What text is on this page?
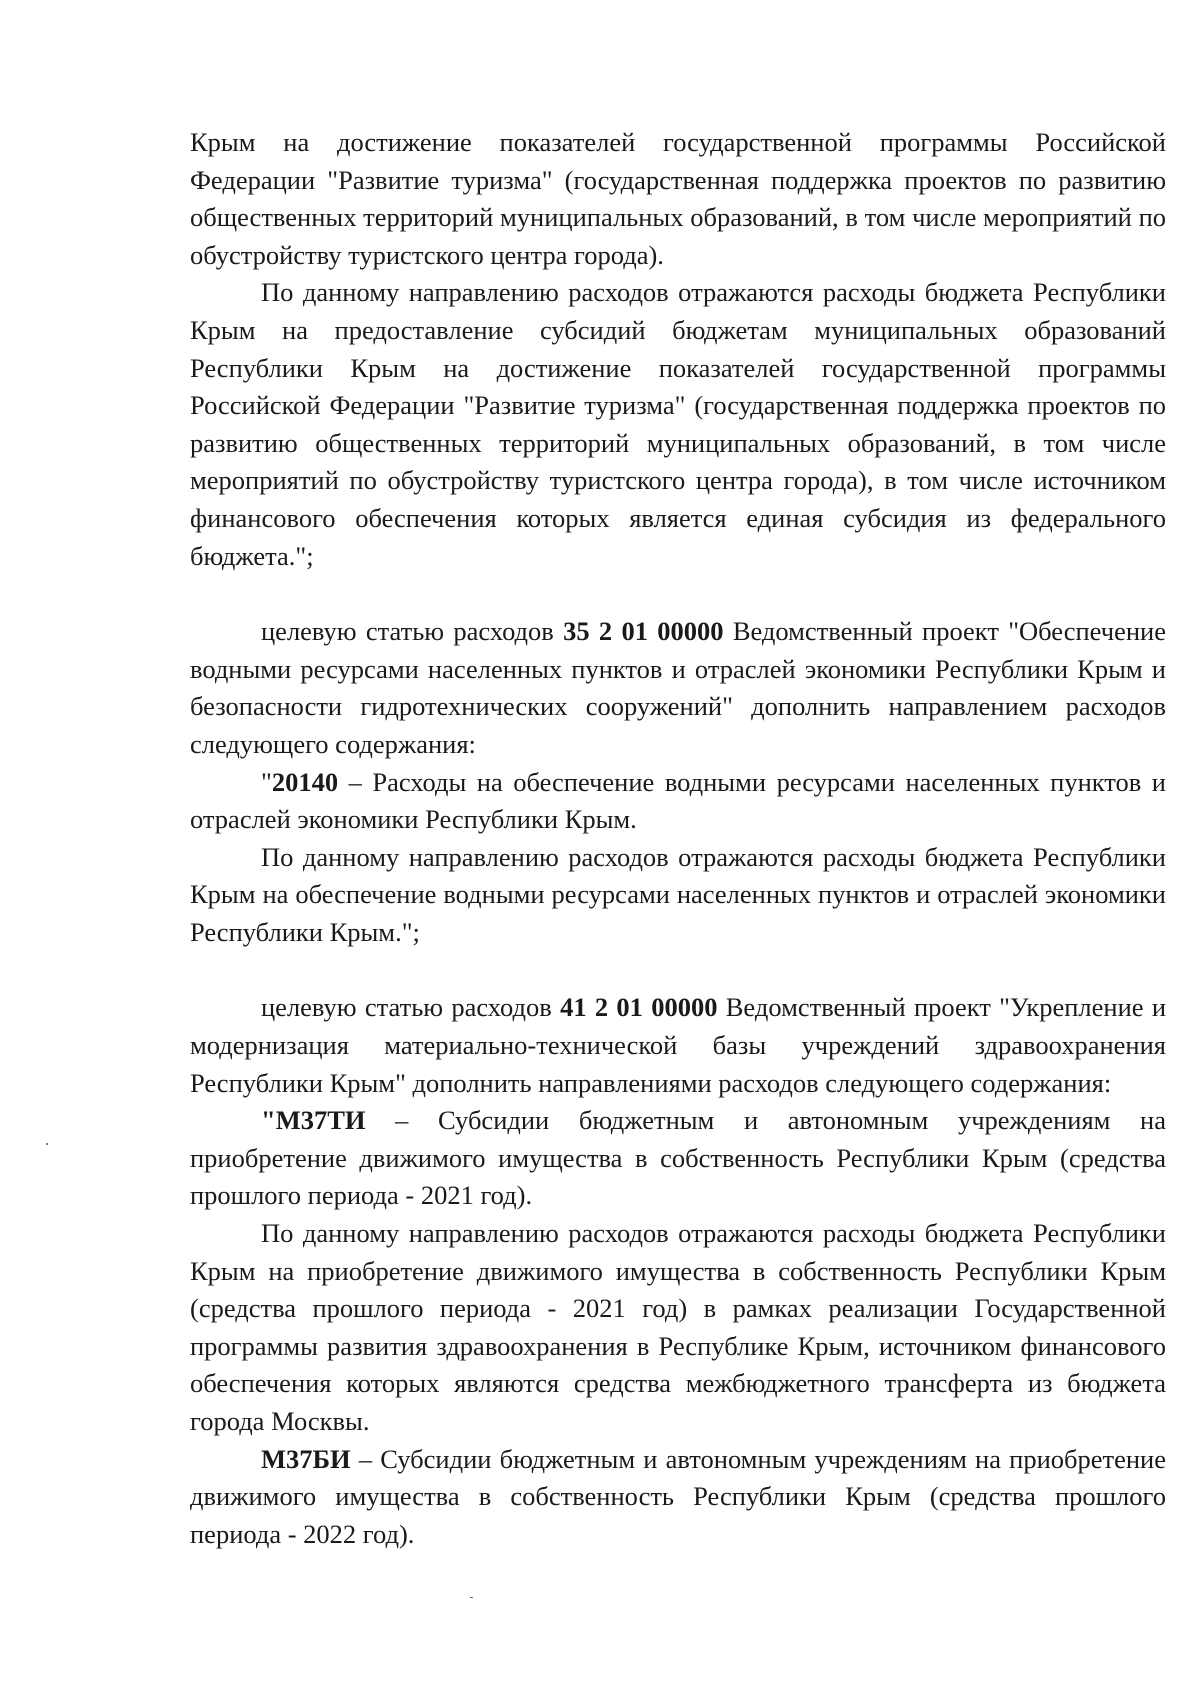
Крым на достижение показателей государственной программы Российской Федерации "Развитие туризма" (государственная поддержка проектов по развитию общественных территорий муниципальных образований, в том числе мероприятий по обустройству туристского центра города).

По данному направлению расходов отражаются расходы бюджета Республики Крым на предоставление субсидий бюджетам муниципальных образований Республики Крым на достижение показателей государственной программы Российской Федерации "Развитие туризма" (государственная поддержка проектов по развитию общественных территорий муниципальных образований, в том числе мероприятий по обустройству туристского центра города), в том числе источником финансового обеспечения которых является единая субсидия из федерального бюджета.";

целевую статью расходов 35 2 01 00000 Ведомственный проект "Обеспечение водными ресурсами населенных пунктов и отраслей экономики Республики Крым и безопасности гидротехнических сооружений" дополнить направлением расходов следующего содержания:

"20140 – Расходы на обеспечение водными ресурсами населенных пунктов и отраслей экономики Республики Крым.

По данному направлению расходов отражаются расходы бюджета Республики Крым на обеспечение водными ресурсами населенных пунктов и отраслей экономики Республики Крым.";

целевую статью расходов 41 2 01 00000 Ведомственный проект "Укрепление и модернизация материально-технической базы учреждений здравоохранения Республики Крым" дополнить направлениями расходов следующего содержания:

"М37ТИ – Субсидии бюджетным и автономным учреждениям на приобретение движимого имущества в собственность Республики Крым (средства прошлого периода - 2021 год).

По данному направлению расходов отражаются расходы бюджета Республики Крым на приобретение движимого имущества в собственность Республики Крым (средства прошлого периода - 2021 год) в рамках реализации Государственной программы развития здравоохранения в Республике Крым, источником финансового обеспечения которых являются средства межбюджетного трансферта из бюджета города Москвы.

М37БИ – Субсидии бюджетным и автономным учреждениям на приобретение движимого имущества в собственность Республики Крым (средства прошлого периода - 2022 год).
